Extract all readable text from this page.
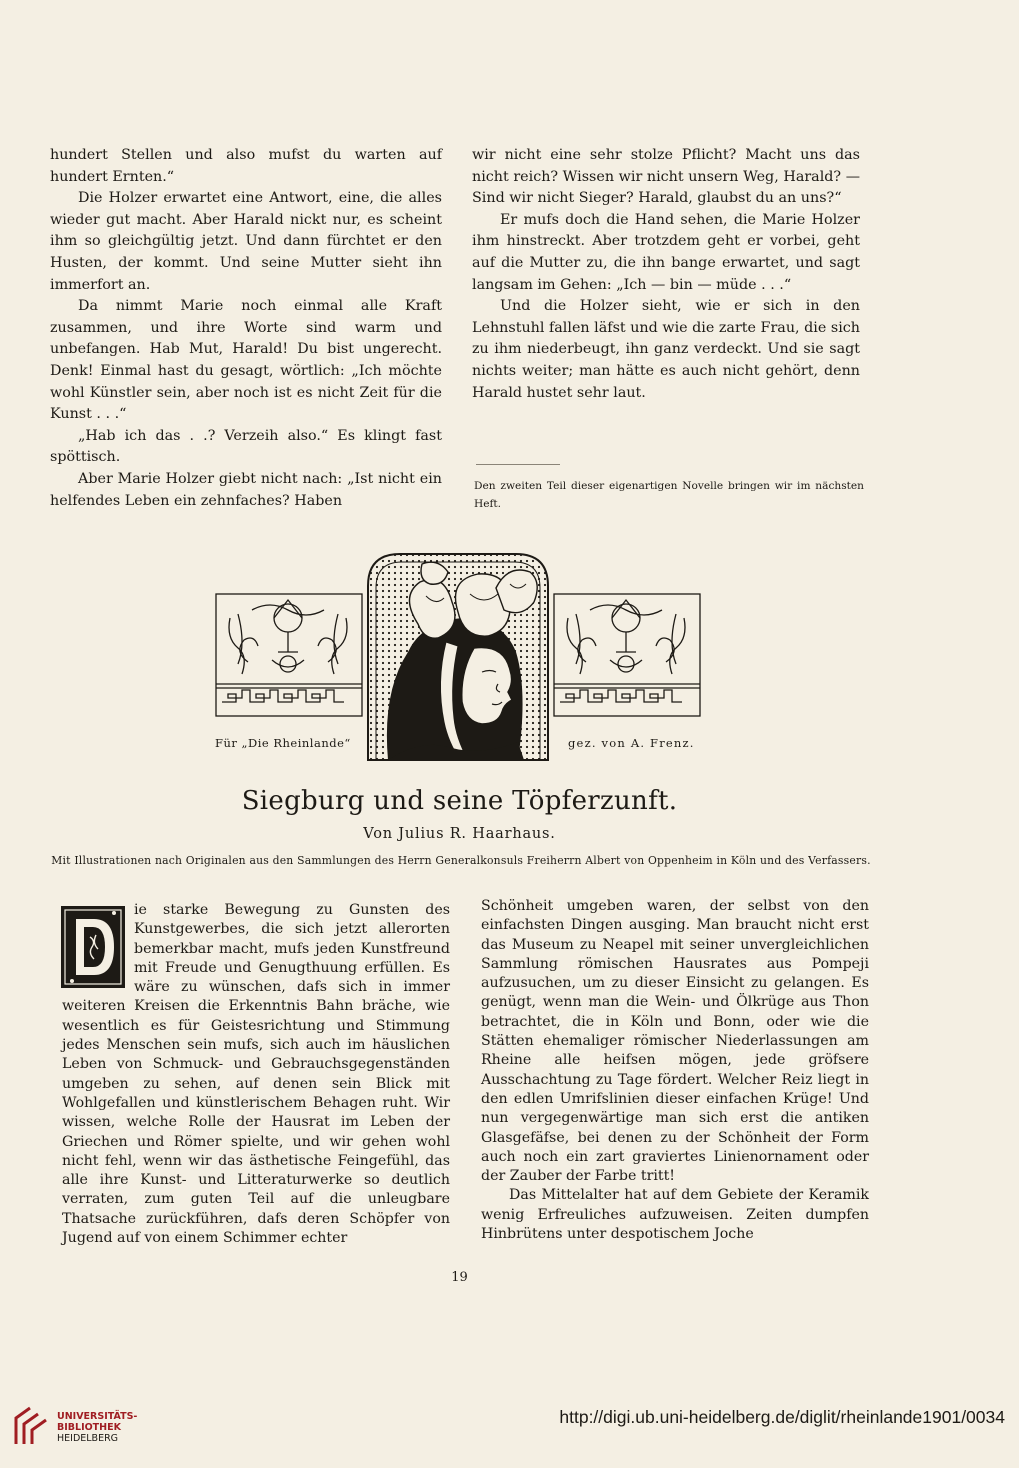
hundert Stellen und also mufst du warten auf hundert Ernten.“

Die Holzer erwartet eine Antwort, eine, die alles wieder gut macht. Aber Harald nickt nur, es scheint ihm so gleichgültig jetzt. Und dann fürchtet er den Husten, der kommt. Und seine Mutter sieht ihn immerfort an.

Da nimmt Marie noch einmal alle Kraft zusammen, und ihre Worte sind warm und unbefangen. Hab Mut, Harald! Du bist ungerecht. Denk! Einmal hast du gesagt, wörtlich: „Ich möchte wohl Künstler sein, aber noch ist es nicht Zeit für die Kunst . . .“

„Hab ich das . .? Verzeih also.“ Es klingt fast spöttisch.

Aber Marie Holzer giebt nicht nach: „Ist nicht ein helfendes Leben ein zehnfaches? Haben

wir nicht eine sehr stolze Pflicht? Macht uns das nicht reich? Wissen wir nicht unsern Weg, Harald? — Sind wir nicht Sieger? Harald, glaubst du an uns?“

Er mufs doch die Hand sehen, die Marie Holzer ihm hinstreckt. Aber trotzdem geht er vorbei, geht auf die Mutter zu, die ihn bange erwartet, und sagt langsam im Gehen: „Ich — bin — müde . . .“

Und die Holzer sieht, wie er sich in den Lehnstuhl fallen läfst und wie die zarte Frau, die sich zu ihm niederbeugt, ihn ganz verdeckt. Und sie sagt nichts weiter; man hätte es auch nicht gehört, denn Harald hustet sehr laut.

Den zweiten Teil dieser eigenartigen Novelle bringen wir im nächsten Heft.
Für „Die Rheinlande“	gez. von A. Frenz.
Siegburg und seine Töpferzunft.
Von Julius R. Haarhaus.
Mit Illustrationen nach Originalen aus den Sammlungen des Herrn Generalkonsuls Freiherrn Albert von Oppenheim in Köln und des Verfassers.

ie starke Bewegung zu Gunsten des Kunstgewerbes, die sich jetzt allerorten bemerkbar macht, mufs jeden Kunstfreund mit Freude und Genugthuung erfüllen. Es wäre zu wünschen, dafs sich in immer weiteren Kreisen die Erkenntnis Bahn bräche, wie wesentlich es für Geistesrichtung und Stimmung jedes Menschen sein mufs, sich auch im häuslichen Leben von Schmuck- und Gebrauchsgegenständen umgeben zu sehen, auf denen sein Blick mit Wohlgefallen und künstlerischem Behagen ruht. Wir wissen, welche Rolle der Hausrat im Leben der Griechen und Römer spielte, und wir gehen wohl nicht fehl, wenn wir das ästhetische Feingefühl, das alle ihre Kunst- und Litteraturwerke so deutlich verraten, zum guten Teil auf die unleugbare Thatsache zurückführen, dafs deren Schöpfer von Jugend auf von einem Schimmer echter

Schönheit umgeben waren, der selbst von den einfachsten Dingen ausging. Man braucht nicht erst das Museum zu Neapel mit seiner unvergleichlichen Sammlung römischen Hausrates aus Pompeji aufzusuchen, um zu dieser Einsicht zu gelangen. Es genügt, wenn man die Wein- und Ölkrüge aus Thon betrachtet, die in Köln und Bonn, oder wie die Stätten ehemaliger römischer Niederlassungen am Rheine alle heifsen mögen, jede gröfsere Ausschachtung zu Tage fördert. Welcher Reiz liegt in den edlen Umrifslinien dieser einfachen Krüge! Und nun vergegenwärtige man sich erst die antiken Glasgefäfse, bei denen zu der Schönheit der Form auch noch ein zart graviertes Linienornament oder der Zauber der Farbe tritt!

Das Mittelalter hat auf dem Gebiete der Keramik wenig Erfreuliches aufzuweisen. Zeiten dumpfen Hinbrütens unter despotischem Joche

19
UNIVERSITÄTS-
BIBLIOTHEK
HEIDELBERG
http://digi.ub.uni-heidelberg.de/diglit/rheinlande1901/0034
